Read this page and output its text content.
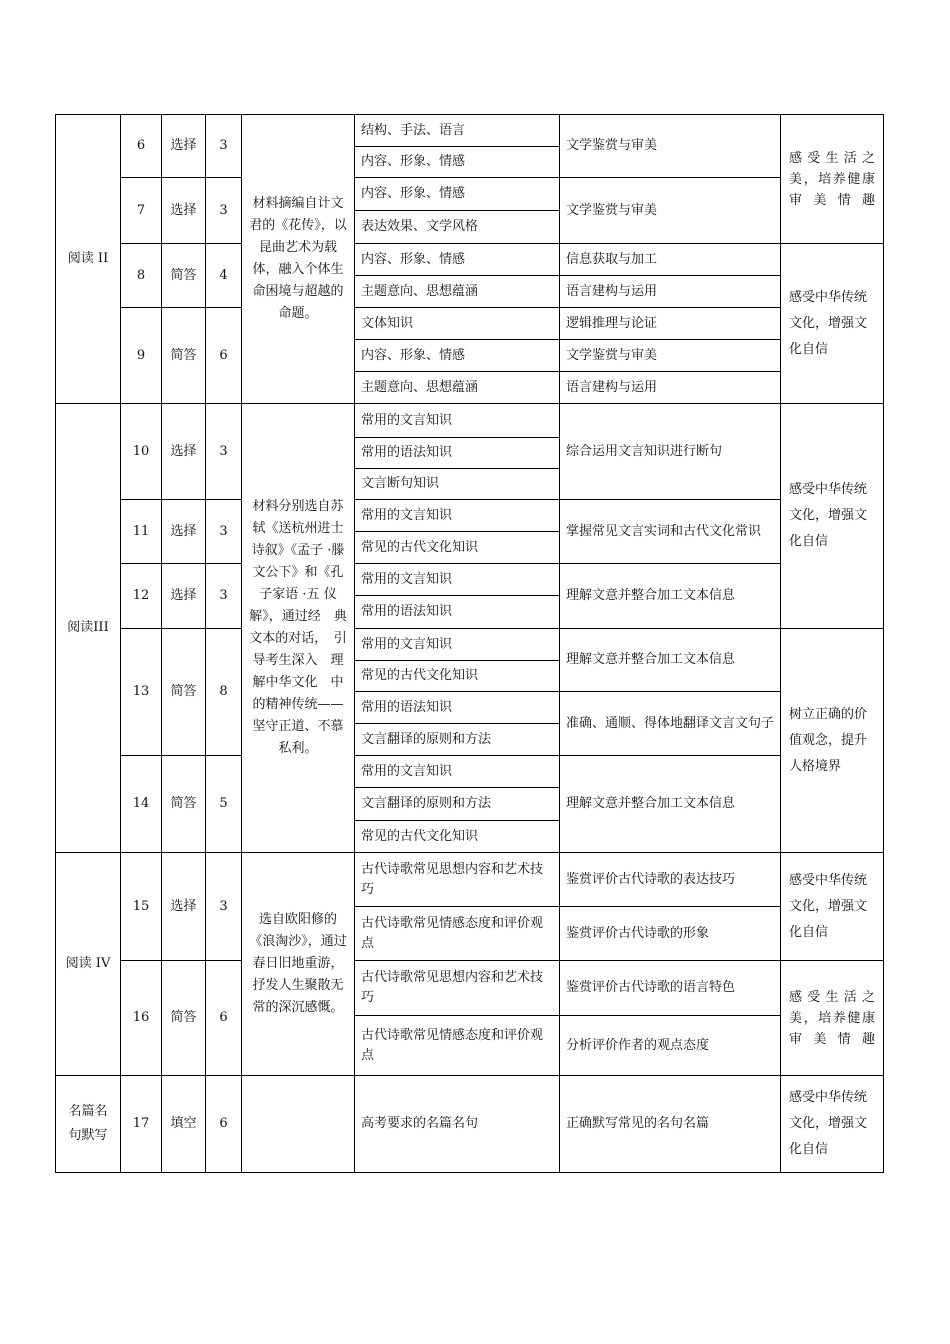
阅读 II	6	选择	3	材料摘编自计文君的《花传》，以昆曲艺术为载体，融入个体生命困境与超越的命题。	结构、手法、语言	文学鉴赏与审美	感 受 生 活 之 美，培养健康 审美情趣
					内容、形象、情感		
	7	选择	3		内容、形象、情感	文学鉴赏与审美	
					表达效果、文学风格		
	8	简答	4		内容、形象、情感	信息获取与加工	感受中华传统文化，增强文化自信
					主题意向、思想蕴涵	语言建构与运用	
	9	简答	6		文体知识	逻辑推理与论证	
					内容、形象、情感	文学鉴赏与审美	
					主题意向、思想蕴涵	语言建构与运用	
阅读III	10	选择	3	材料分别选自苏轼《送杭州进士诗叙》《孟子 ·滕文公下》和《孔子家语 ·五 仪解》，通过经　典文本的对话，　引导考生深入　理解中华文化　中的精神传统——坚守正道、不慕私利。	常用的文言知识	综合运用文言知识进行断句	感受中华传统文化，增强文化自信
					常用的语法知识		
					文言断句知识		
	11	选择	3		常用的文言知识	掌握常见文言实词和古代文化常识	
					常见的古代文化知识		
	12	选择	3		常用的文言知识	理解文意并整合加工文本信息	
					常用的语法知识		
	13	简答	8		常用的文言知识	理解文意并整合加工文本信息	树立正确的价值观念，提升人格境界
					常见的古代文化知识		
					常用的语法知识	准确、通顺、得体地翻译文言文句子	
					文言翻译的原则和方法		
	14	简答	5		常用的文言知识	理解文意并整合加工文本信息	
					文言翻译的原则和方法		
					常见的古代文化知识		
阅读 IV	15	选择	3	选自欧阳修的《浪淘沙》，通过春日旧地重游，抒发人生聚散无常的深沉感慨。	古代诗歌常见思想内容和艺术技巧	鉴赏评价古代诗歌的表达技巧	感受中华传统文化，增强文化自信
					古代诗歌常见情感态度和评价观点	鉴赏评价古代诗歌的形象	
	16	简答	6		古代诗歌常见思想内容和艺术技巧	鉴赏评价古代诗歌的语言特色	感 受 生 活 之 美，培养健康 审美情趣
					古代诗歌常见情感态度和评价观点	分析评价作者的观点态度	
名篇名句默写	17	填空	6		高考要求的名篇名句	正确默写常见的名句名篇	感受中华传统文化，增强文化自信
